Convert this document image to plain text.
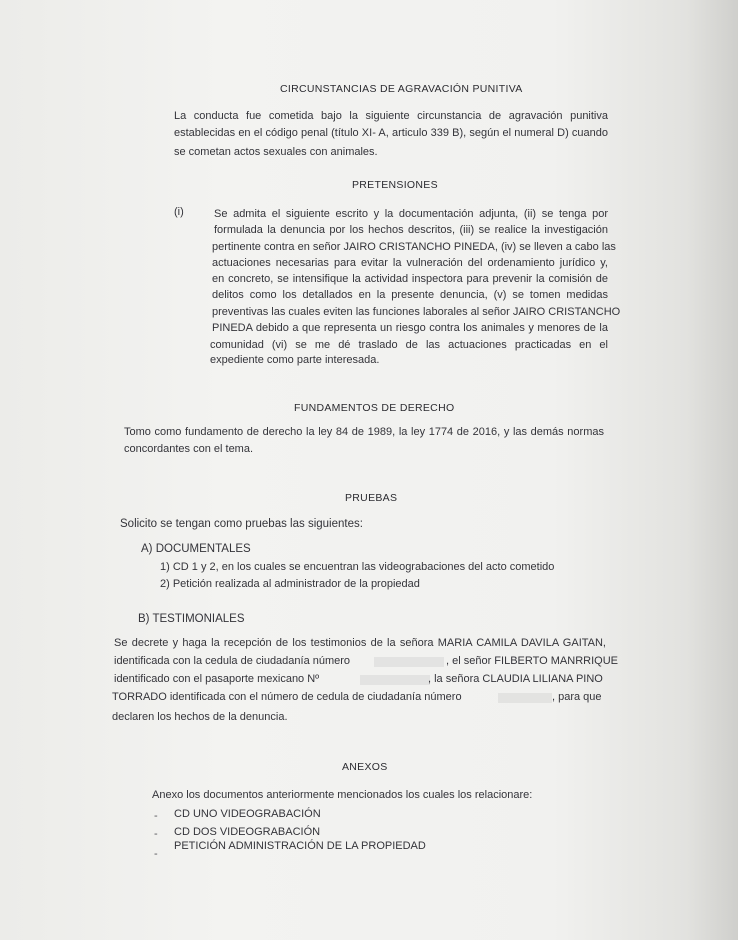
CIRCUNSTANCIAS DE AGRAVACIÓN PUNITIVA
La conducta fue cometida bajo la siguiente circunstancia de agravación punitiva
establecidas en el código penal (título XI- A, articulo 339 B), según el numeral D) cuando
se cometan actos sexuales con animales.
PRETENSIONES
(i)	Se admita el siguiente escrito y la documentación adjunta, (ii) se tenga por
formulada la denuncia por los hechos descritos, (iii) se realice la investigación
pertinente contra en señor JAIRO CRISTANCHO PINEDA, (iv) se lleven a cabo las
actuaciones necesarias para evitar la vulneración del ordenamiento jurídico y,
en concreto, se intensifique la actividad inspectora para prevenir la comisión de
delitos como los detallados en la presente denuncia, (v) se tomen medidas
preventivas las cuales eviten las funciones laborales al señor JAIRO CRISTANCHO
PINEDA debido a que representa un riesgo contra los animales y menores de la
comunidad (vi) se me dé traslado de las actuaciones practicadas en el
expediente como parte interesada.
FUNDAMENTOS DE DERECHO
Tomo como fundamento de derecho la ley 84 de 1989, la ley 1774 de 2016, y las demás normas
concordantes con el tema.
PRUEBAS
Solicito se tengan como pruebas las siguientes:
A) DOCUMENTALES
1) CD 1 y 2, en los cuales se encuentran las videograbaciones del acto cometido
2) Petición realizada al administrador de la propiedad
B) TESTIMONIALES
Se decrete y haga la recepción de los testimonios de la señora MARIA CAMILA DAVILA GAITAN,
identificada con la cedula de ciudadanía número	, el señor FILBERTO MANRRIQUE
identificado con el pasaporte mexicano Nº	, la señora CLAUDIA LILIANA PINO
TORRADO identificada con el número de cedula de ciudadanía número	, para que
declaren los hechos de la denuncia.
ANEXOS
Anexo los documentos anteriormente mencionados los cuales los relacionare:
- CD UNO VIDEOGRABACIÓN
- CD DOS VIDEOGRABACIÓN
-
PETICIÓN ADMINISTRACIÓN DE LA PROPIEDAD
